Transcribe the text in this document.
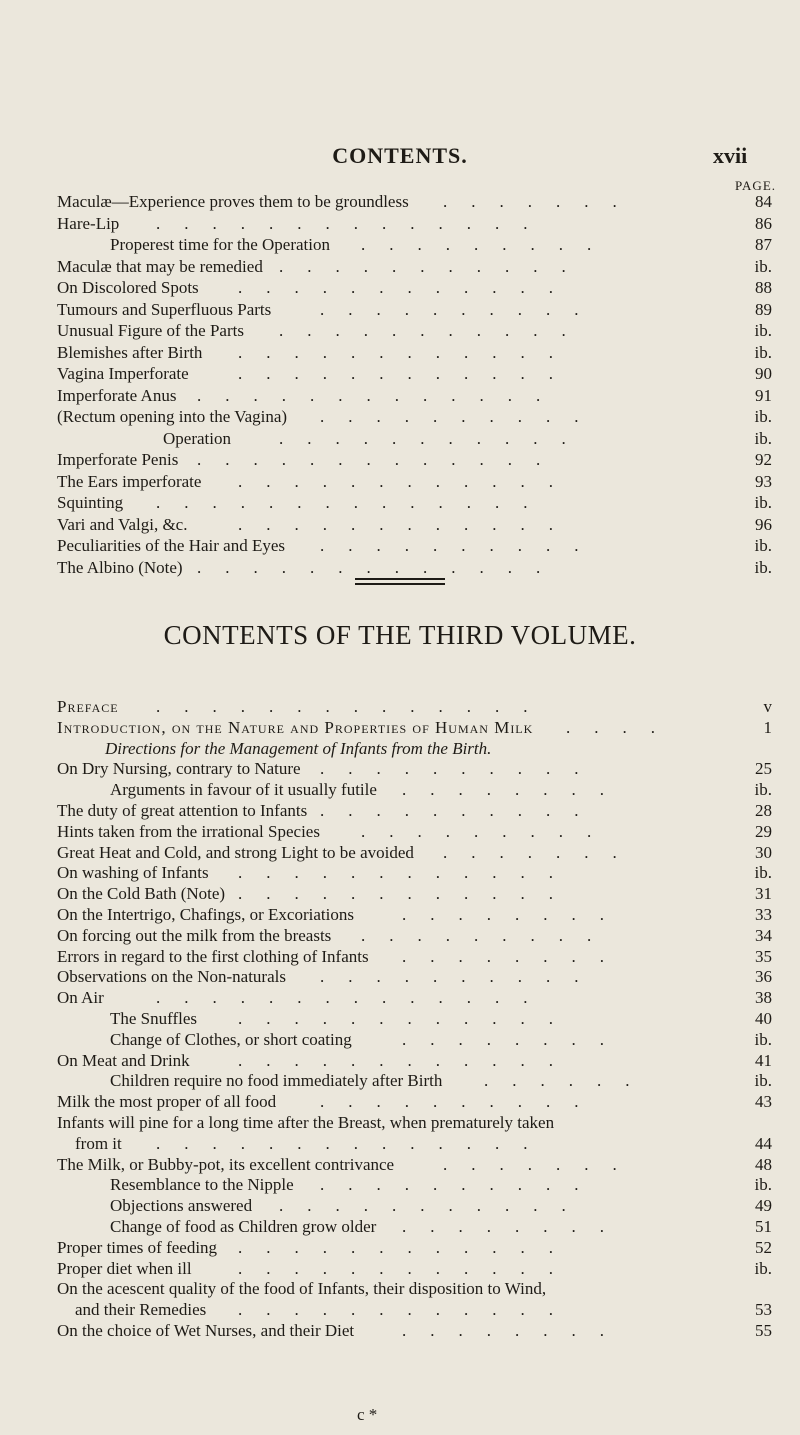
CONTENTS.	xvii
PAGE.
Maculæ—Experience proves them to be groundless .......	84
Hare-Lip ..............	86
Properest time for the Operation .........	87
Maculæ that may be remedied ...........	ib.
On Discolored Spots ............	88
Tumours and Superfluous Parts	..........	89
Unusual Figure of the Parts ...........	ib.
Blemishes after Birth ............	ib.
Vagina Imperforate	............	90
Imperforate Anus .............	91
(Rectum opening into the Vagina) ..........	ib.
Operation	...........	ib.
Imperforate Penis .............	92
The Ears imperforate ............	93
Squinting ..............	ib.
Vari and Valgi, &c.	............	96
Peculiarities of the Hair and Eyes ..........	ib.
The Albino (Note) .............	ib.
CONTENTS OF THE THIRD VOLUME.
Preface ..............	v
Introduction, on the Nature and Properties of Human Milk ....	1
Directions for the Management of Infants from the Birth.
On Dry Nursing, contrary to Nature ..........	25
Arguments in favour of it usually futile ........	ib.
The duty of great attention to Infants ..........	28
Hints taken from the irrational Species .........	29
Great Heat and Cold, and strong Light to be avoided .......	30
On washing of Infants ............	ib.
On the Cold Bath (Note) ............	31
On the Intertrigo, Chafings, or Excoriations	........	33
On forcing out the milk from the breasts .........	34
Errors in regard to the first clothing of Infants ........	35
Observations on the Non-naturals ..........	36
On Air	..............	38
The Snuffles ............	40
Change of Clothes, or short coating	........	ib.
On Meat and Drink	............	41
Children require no food immediately after Birth ......	ib.
Milk the most proper of all food	..........	43
Infants will pine for a long time after the Breast, when prematurely taken
from it ..............	44
The Milk, or Bubby-pot, its excellent contrivance	.......	48
Resemblance to the Nipple ..........	ib.
Objections answered ...........	49
Change of food as Children grow older ........	51
Proper times of feeding ............	52
Proper diet when ill	............	ib.
On the acescent quality of the food of Infants, their disposition to Wind,
and their Remedies ............	53
On the choice of Wet Nurses, and their Diet	........	55
c *
